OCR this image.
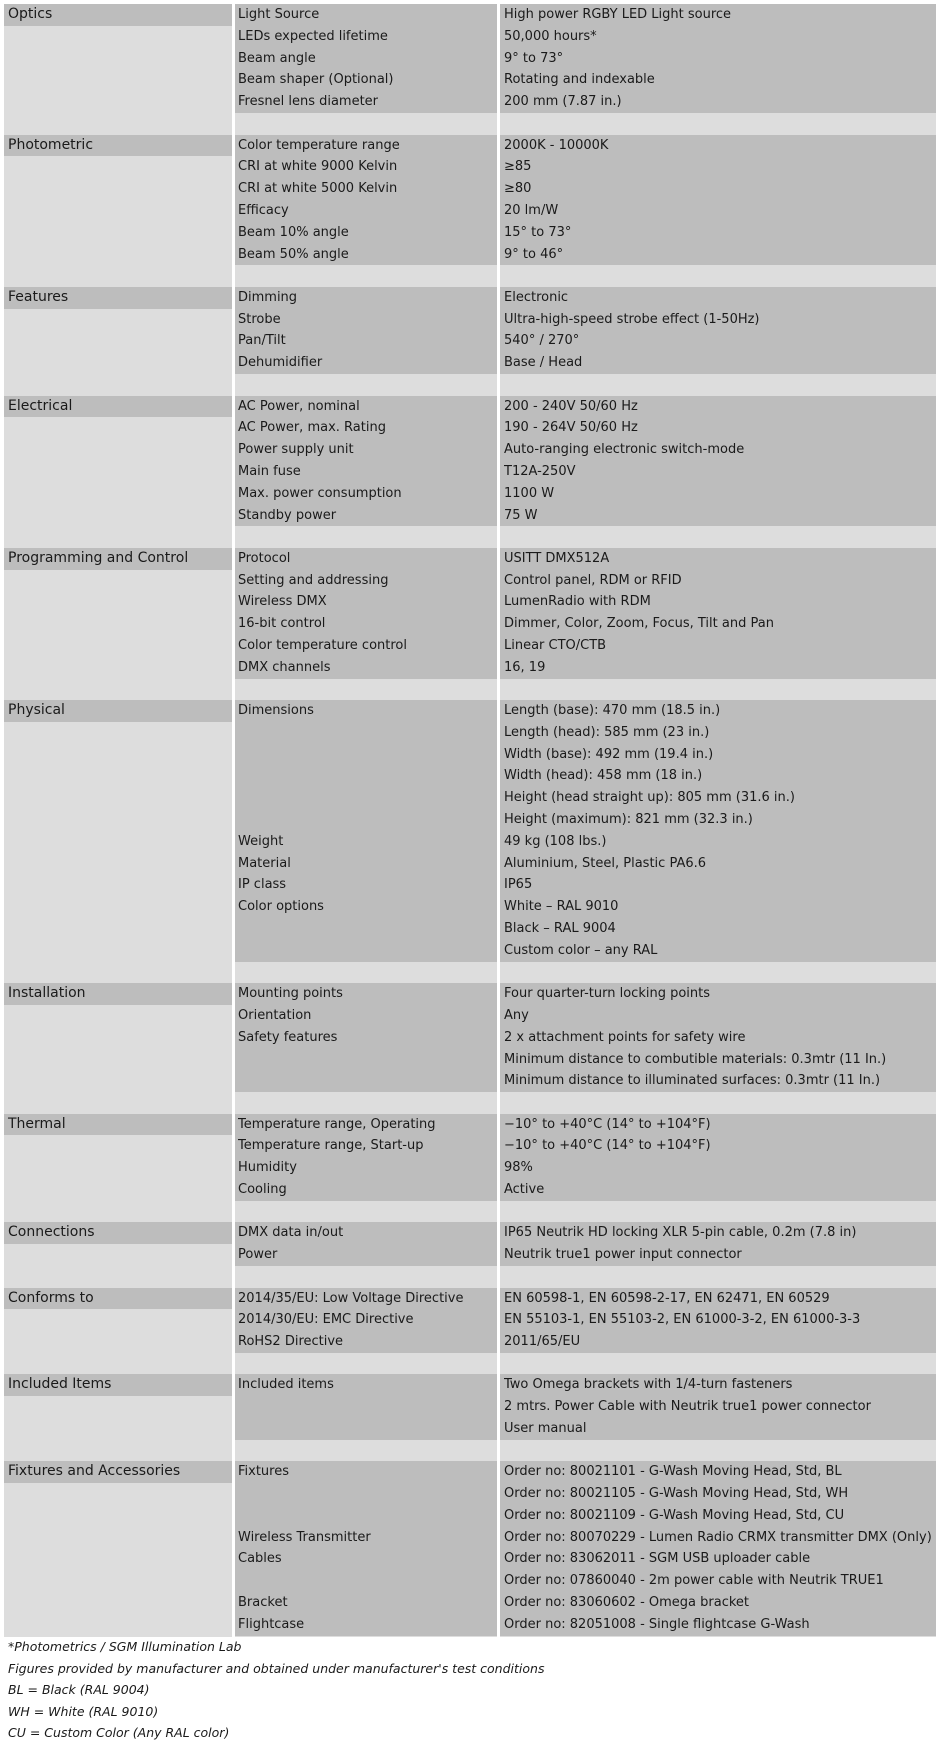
Optics	Light Source	High power RGBY LED Light source
LEDs expected lifetime	50,000 hours*
Beam angle	9° to 73°
Beam shaper (Optional)	Rotating and indexable
Fresnel lens diameter	200 mm (7.87 in.)
Photometric	Color temperature range	2000K - 10000K
CRI at white 9000 Kelvin	≥85
CRI at white 5000 Kelvin	≥80
Efficacy	20 lm/W
Beam 10% angle	15° to 73°
Beam 50% angle	9° to 46°
Features	Dimming	Electronic
Strobe	Ultra-high-speed strobe effect (1-50Hz)
Pan/Tilt	540° / 270°
Dehumidifier	Base / Head
Electrical	AC Power, nominal	200 - 240V 50/60 Hz
AC Power, max. Rating	190 - 264V 50/60 Hz
Power supply unit	Auto-ranging electronic switch-mode
Main fuse	T12A-250V
Max. power consumption	1100 W
Standby power	75 W
Programming and Control	Protocol	USITT DMX512A
Setting and addressing	Control panel, RDM or RFID
Wireless DMX	LumenRadio with RDM
16-bit control	Dimmer, Color, Zoom, Focus, Tilt and Pan
Color temperature control	Linear CTO/CTB
DMX channels	16, 19
Physical	Dimensions	Length (base): 470 mm (18.5 in.)
Length (head): 585 mm (23 in.)
Width (base): 492 mm (19.4 in.)
Width (head): 458 mm (18 in.)
Height (head straight up): 805 mm (31.6 in.)
Height (maximum): 821 mm (32.3 in.)
Weight	49 kg (108 lbs.)
Material	Aluminium, Steel, Plastic PA6.6
IP class	IP65
Color options	White – RAL 9010
Black – RAL 9004
Custom color – any RAL
Installation	Mounting points	Four quarter-turn locking points
Orientation	Any
Safety features	2 x attachment points for safety wire
Minimum distance to combutible materials: 0.3mtr (11 In.)
Minimum distance to illuminated surfaces: 0.3mtr (11 In.)
Thermal	Temperature range, Operating	−10° to +40°C (14° to +104°F)
Temperature range, Start-up	−10° to +40°C (14° to +104°F)
Humidity	98%
Cooling	Active
Connections	DMX data in/out	IP65 Neutrik HD locking XLR 5-pin cable, 0.2m (7.8 in)
Power	Neutrik true1 power input connector
Conforms to	2014/35/EU: Low Voltage Directive	EN 60598-1, EN 60598-2-17, EN 62471, EN 60529
2014/30/EU: EMC Directive	EN 55103-1, EN 55103-2, EN 61000-3-2, EN 61000-3-3
RoHS2 Directive	2011/65/EU
Included Items	Included items	Two Omega brackets with 1/4-turn fasteners
2 mtrs. Power Cable with Neutrik true1 power connector
User manual
Fixtures and Accessories	Fixtures	Order no: 80021101 - G-Wash Moving Head, Std, BL
Order no: 80021105 - G-Wash Moving Head, Std, WH
Order no: 80021109 - G-Wash Moving Head, Std, CU
Wireless Transmitter	Order no: 80070229 - Lumen Radio CRMX transmitter DMX (Only)
Cables	Order no: 83062011 - SGM USB uploader cable
Order no: 07860040 - 2m power cable with Neutrik TRUE1
Bracket	Order no: 83060602 - Omega bracket
Flightcase	Order no: 82051008 - Single flightcase G-Wash
*Photometrics / SGM Illumination Lab
Figures provided by manufacturer and obtained under manufacturer's test conditions
BL = Black (RAL 9004)
WH = White (RAL 9010)
CU = Custom Color (Any RAL color)
